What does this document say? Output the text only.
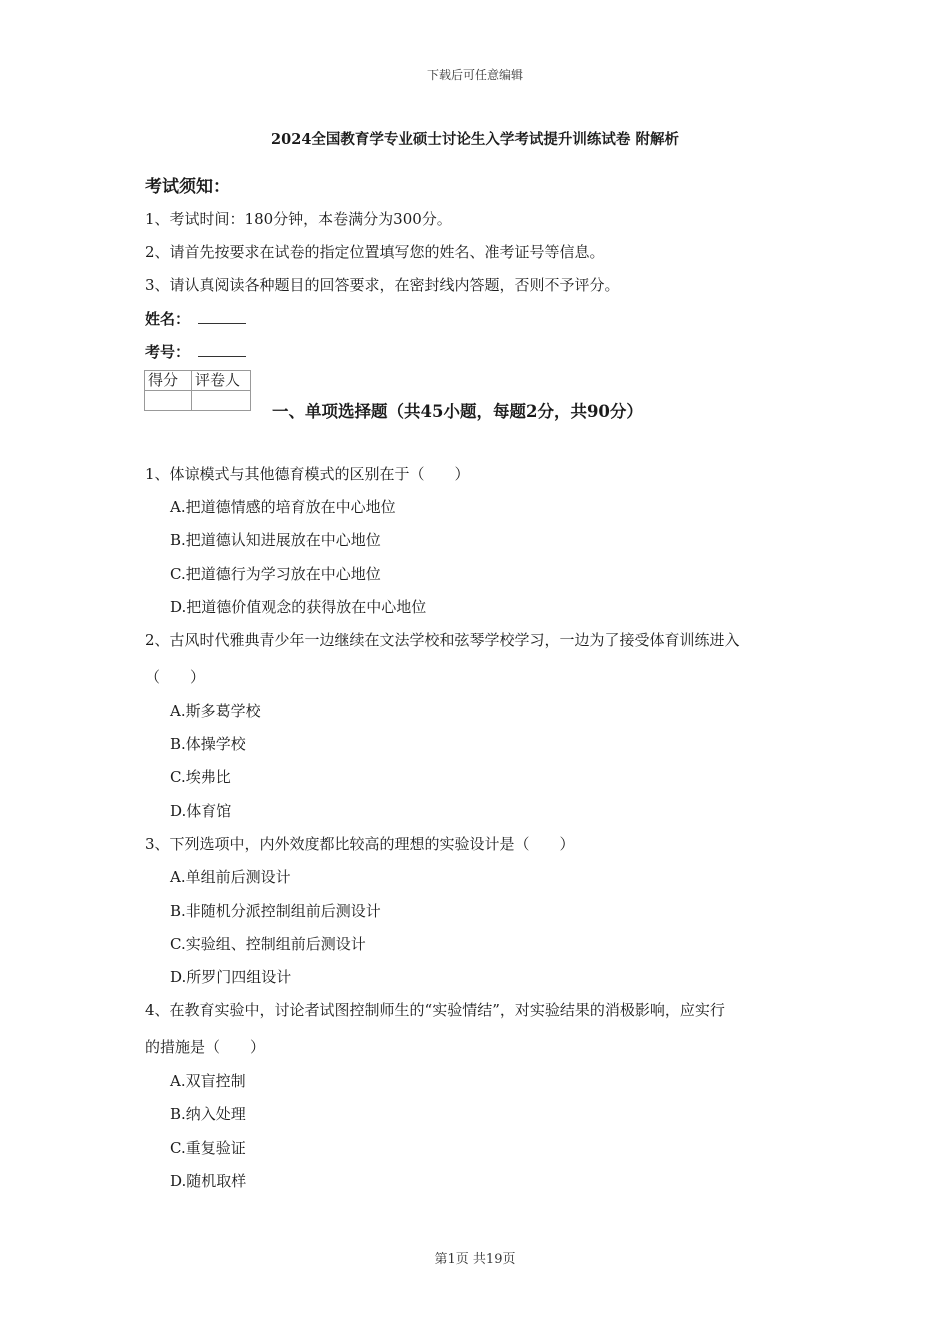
下载后可任意编辑
2024全国教育学专业硕士讨论生入学考试提升训练试卷 附解析
考试须知：
1、考试时间：180分钟，本卷满分为300分。
2、请首先按要求在试卷的指定位置填写您的姓名、准考证号等信息。
3、请认真阅读各种题目的回答要求，在密封线内答题，否则不予评分。
姓名：
考号：
得分	评卷人

一、单项选择题（共45小题，每题2分，共90分）
1、体谅模式与其他德育模式的区别在于（　　）
A.把道德情感的培育放在中心地位
B.把道德认知进展放在中心地位
C.把道德行为学习放在中心地位
D.把道德价值观念的获得放在中心地位
2、古风时代雅典青少年一边继续在文法学校和弦琴学校学习，一边为了接受体育训练进入
（　　）
A.斯多葛学校
B.体操学校
C.埃弗比
D.体育馆
3、下列选项中，内外效度都比较高的理想的实验设计是（　　）
A.单组前后测设计
B.非随机分派控制组前后测设计
C.实验组、控制组前后测设计
D.所罗门四组设计
4、在教育实验中，讨论者试图控制师生的“实验情结”，对实验结果的消极影响，应实行
的措施是（　　）
A.双盲控制
B.纳入处理
C.重复验证
D.随机取样
第1页 共19页
